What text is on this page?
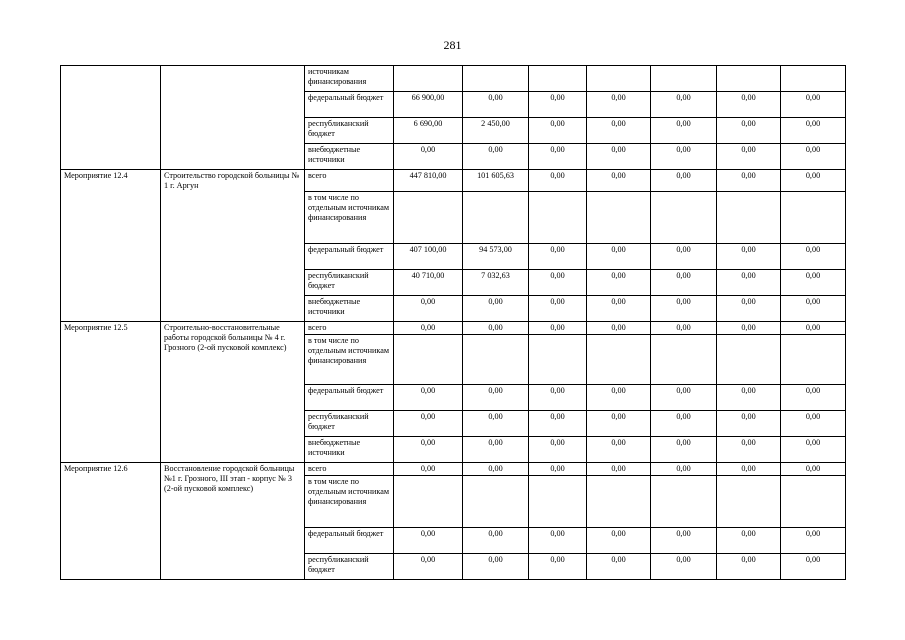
281
		источникам финансирования							
		федеральный бюджет	66 900,00	0,00	0,00	0,00	0,00	0,00	0,00
		республиканский бюджет	6 690,00	2 450,00	0,00	0,00	0,00	0,00	0,00
		внебюджетные источники	0,00	0,00	0,00	0,00	0,00	0,00	0,00
Мероприятие 12.4	Строительство городской больницы № 1 г. Аргун	всего	447 810,00	101 605,63	0,00	0,00	0,00	0,00	0,00
		в том числе по отдельным источникам финансирования							
		федеральный бюджет	407 100,00	94 573,00	0,00	0,00	0,00	0,00	0,00
		республиканский бюджет	40 710,00	7 032,63	0,00	0,00	0,00	0,00	0,00
		внебюджетные источники	0,00	0,00	0,00	0,00	0,00	0,00	0,00
Мероприятие 12.5	Строительно-восстановительные работы городской больницы № 4 г. Грозного (2-ой пусковой комплекс)	всего	0,00	0,00	0,00	0,00	0,00	0,00	0,00
		в том числе по отдельным источникам финансирования							
		федеральный бюджет	0,00	0,00	0,00	0,00	0,00	0,00	0,00
		республиканский бюджет	0,00	0,00	0,00	0,00	0,00	0,00	0,00
		внебюджетные источники	0,00	0,00	0,00	0,00	0,00	0,00	0,00
Мероприятие 12.6	Восстановление городской больницы №1 г. Грозного, III этап - корпус № 3 (2-ой пусковой комплекс)	всего	0,00	0,00	0,00	0,00	0,00	0,00	0,00
		в том числе по отдельным источникам финансирования							
		федеральный бюджет	0,00	0,00	0,00	0,00	0,00	0,00	0,00
		республиканский бюджет	0,00	0,00	0,00	0,00	0,00	0,00	0,00
